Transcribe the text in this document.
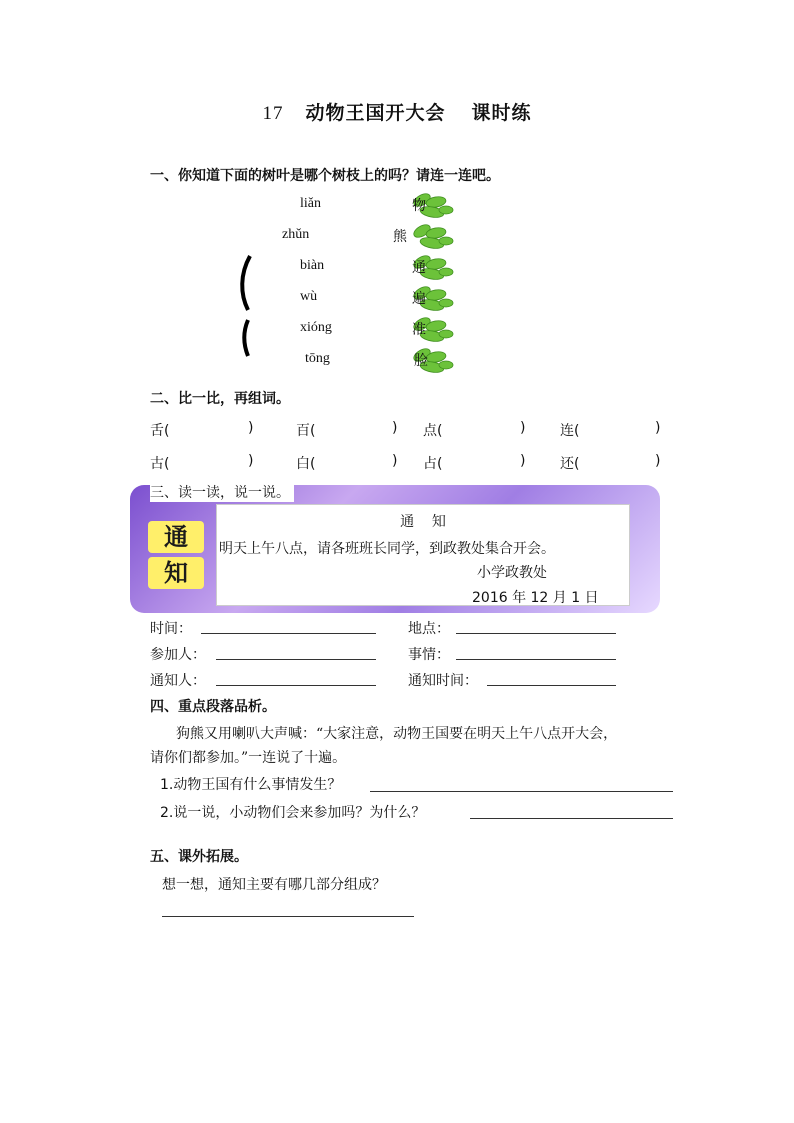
17 动物王国开大会 课时练
一、你知道下面的树叶是哪个树枝上的吗？请连一连吧。
liǎn
zhǔn
biàn
wù
xióng
tōng
物
熊
通
遍
准
脸
二、比一比，再组词。
舌(	)	百(	) 点(	) 连(	)
古(	)	白(	) 占(	) 还(	)
通
知
通    知
明天上午八点，请各班班长同学，到政教处集合开会。
小学政教处
2016 年 12 月 1 日
三、读一读，说一说。
时间：	地点：
参加人：	事情：
通知人：	通知时间：
四、重点段落品析。
狗熊又用喇叭大声喊：“大家注意，动物王国要在明天上午八点开大会，
请你们都参加。”一连说了十遍。
1.动物王国有什么事情发生？
2.说一说，小动物们会来参加吗？为什么？
五、课外拓展。
想一想，通知主要有哪几部分组成？
